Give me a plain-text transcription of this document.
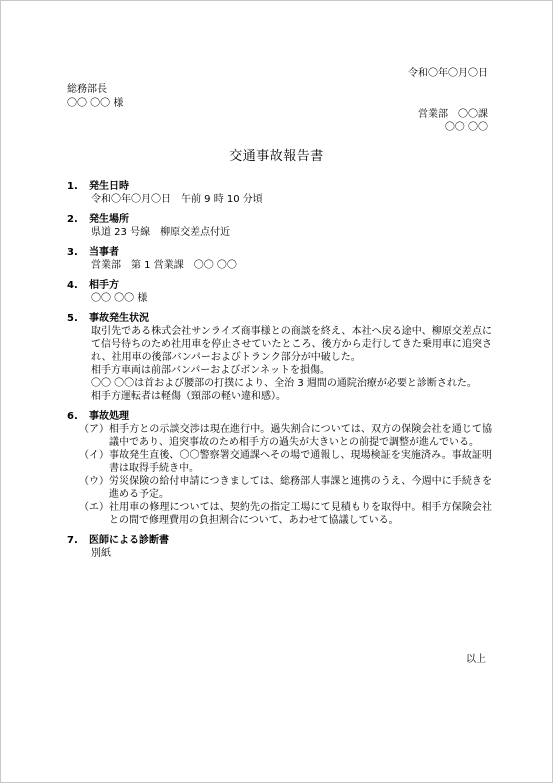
令和〇年〇月〇日
総務部長
〇〇 〇〇 様
営業部　〇〇課
〇〇 〇〇
交通事故報告書
1. 発生日時

令和〇年〇月〇日　午前 9 時 10 分頃

2. 発生場所

県道 23 号線　柳原交差点付近

3. 当事者

営業部　第 1 営業課　〇〇 〇〇

4. 相手方

〇〇 〇〇 様

5. 事故発生状況

取引先である株式会社サンライズ商事様との商談を終え、本社へ戻る途中、柳原交差点にて信号待ちのため社用車を停止させていたところ、後方から走行してきた乗用車に追突され、社用車の後部バンパーおよびトランク部分が中破した。

相手方車両は前部バンパーおよびボンネットを損傷。

〇〇 〇〇は首および腰部の打撲により、全治 3 週間の通院治療が必要と診断された。

相手方運転者は軽傷（頸部の軽い違和感）。

6. 事故処理
（ア） 相手方との示談交渉は現在進行中。過失割合については、双方の保険会社を通じて協議中であり、追突事故のため相手方の過失が大きいとの前提で調整が進んでいる。
（イ） 事故発生直後、〇〇警察署交通課へその場で通報し、現場検証を実施済み。事故証明書は取得手続き中。
（ウ） 労災保険の給付申請につきましては、総務部人事課と連携のうえ、今週中に手続きを進める予定。
（エ） 社用車の修理については、契約先の指定工場にて見積もりを取得中。相手方保険会社との間で修理費用の負担割合について、あわせて協議している。
7. 医師による診断書

別紙

以上
